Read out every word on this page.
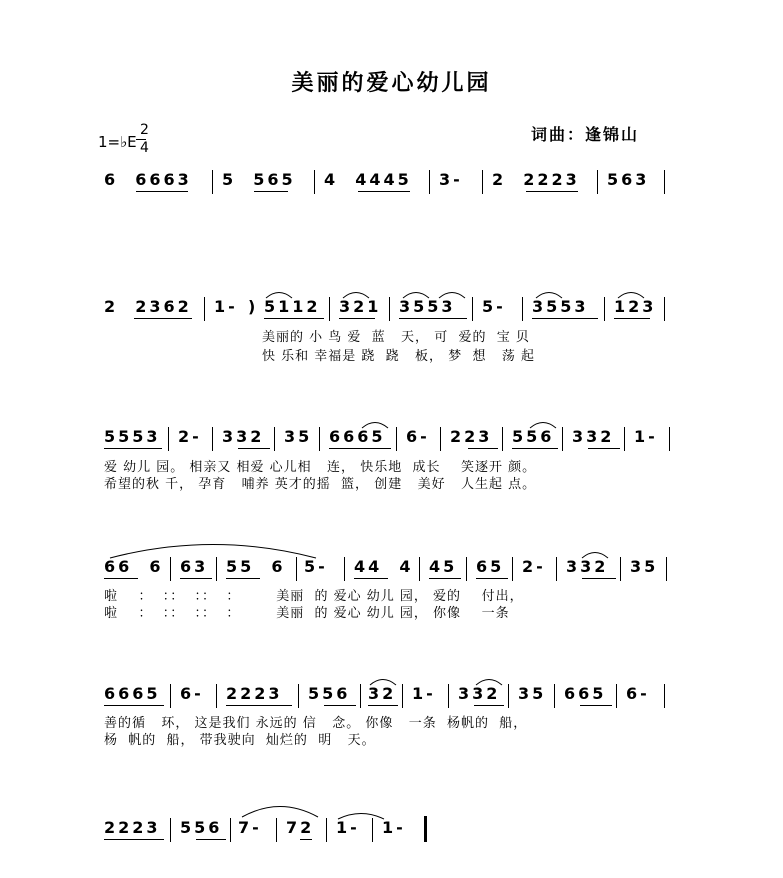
美丽的爱心幼儿园
1=♭E
2
4
词曲：逢锦山
6  6663 5  565 4  4445 3- 2  2223 563
2  2362 1- ) 5112 321 3553 5- 3553 123
美丽的 小 鸟 爱  蓝   天， 可  爱的  宝 贝
快 乐和 幸福是 跷  跷   板， 梦  想   荡 起
5553 2- 332 35 6665 6- 223 556 332 1-
爱 幼儿 园。 相亲又 相爱 心儿相   连， 快乐地  成长    笑逐开 颜。
希望的秋 千， 孕育   哺养 英才的摇  篮， 创建   美好   人生起 点。
66  6 63 55  6 5- 44  4 45 65 2- 332 35
啦    ：  ：：  ：：  ：       美丽  的 爱心 幼儿 园， 爱的    付出，
啦    ：  ：：  ：：  ：       美丽  的 爱心 幼儿 园， 你像    一条
6665 6- 2223 556 32 1- 332 35 665 6-
善的循   环， 这是我们 永远的 信   念。 你像   一条  杨帆的  船，
杨  帆的  船， 带我驶向  灿烂的  明   天。
2223 556 7- 72 1- 1-
